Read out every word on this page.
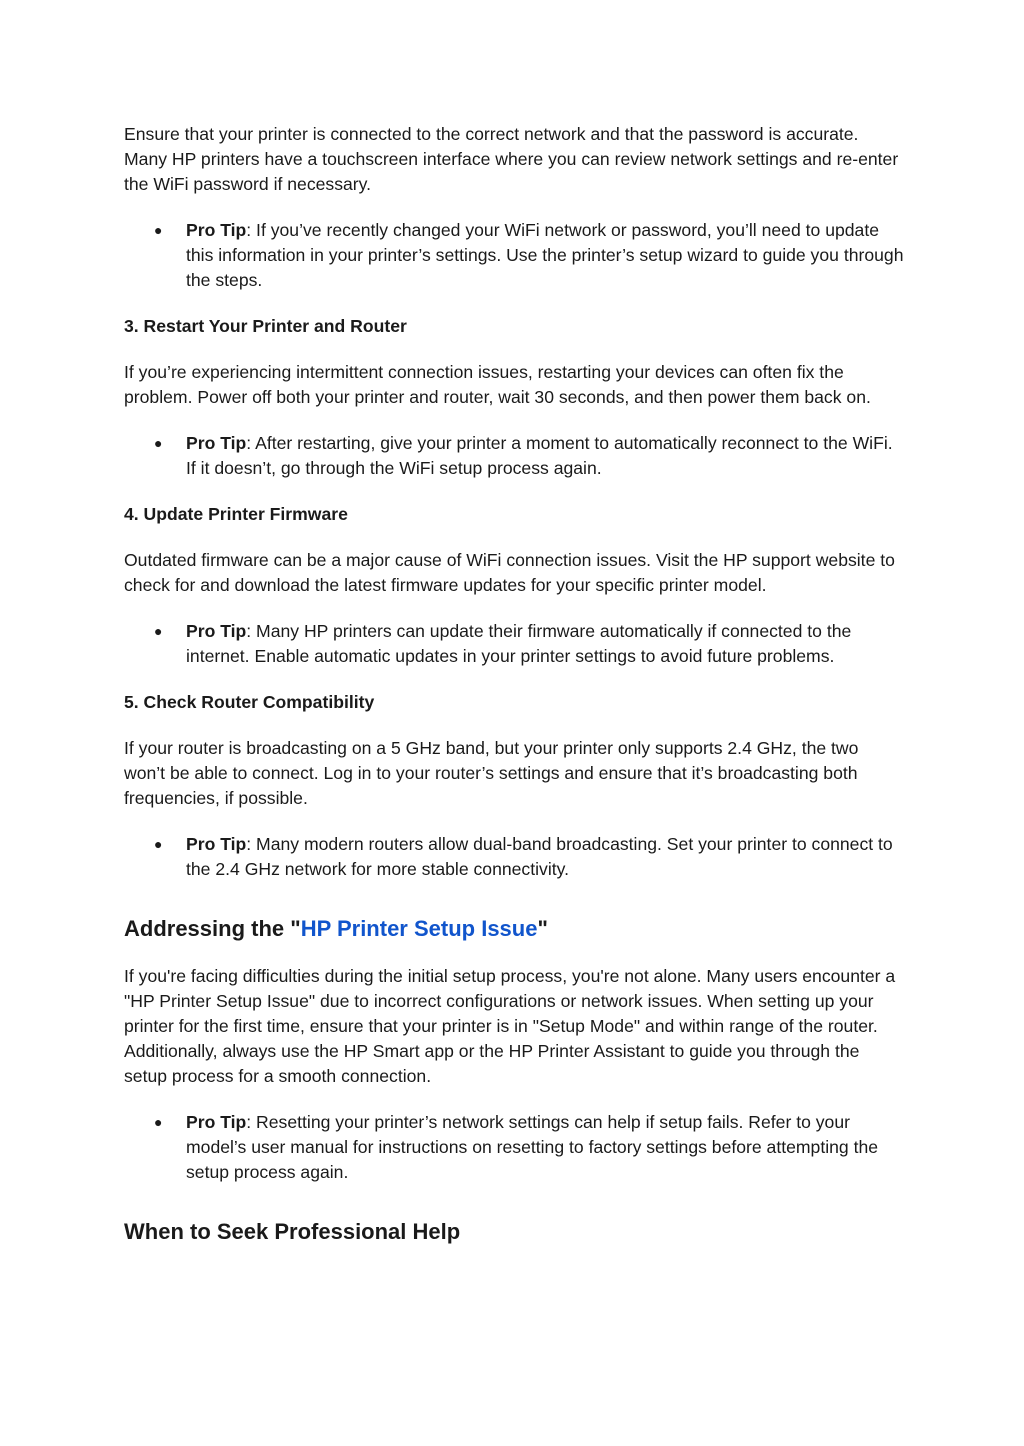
Ensure that your printer is connected to the correct network and that the password is accurate. Many HP printers have a touchscreen interface where you can review network settings and re-enter the WiFi password if necessary.

● Pro Tip: If you’ve recently changed your WiFi network or password, you’ll need to update this information in your printer’s settings. Use the printer’s setup wizard to guide you through the steps.
3. Restart Your Printer and Router

If you’re experiencing intermittent connection issues, restarting your devices can often fix the problem. Power off both your printer and router, wait 30 seconds, and then power them back on.

● Pro Tip: After restarting, give your printer a moment to automatically reconnect to the WiFi. If it doesn’t, go through the WiFi setup process again.
4. Update Printer Firmware

Outdated firmware can be a major cause of WiFi connection issues. Visit the HP support website to check for and download the latest firmware updates for your specific printer model.

● Pro Tip: Many HP printers can update their firmware automatically if connected to the internet. Enable automatic updates in your printer settings to avoid future problems.
5. Check Router Compatibility

If your router is broadcasting on a 5 GHz band, but your printer only supports 2.4 GHz, the two won’t be able to connect. Log in to your router’s settings and ensure that it’s broadcasting both frequencies, if possible.

● Pro Tip: Many modern routers allow dual-band broadcasting. Set your printer to connect to the 2.4 GHz network for more stable connectivity.
Addressing the "HP Printer Setup Issue"

If you're facing difficulties during the initial setup process, you're not alone. Many users encounter a "HP Printer Setup Issue" due to incorrect configurations or network issues. When setting up your printer for the first time, ensure that your printer is in "Setup Mode" and within range of the router. Additionally, always use the HP Smart app or the HP Printer Assistant to guide you through the setup process for a smooth connection.

● Pro Tip: Resetting your printer’s network settings can help if setup fails. Refer to your model’s user manual for instructions on resetting to factory settings before attempting the setup process again.
When to Seek Professional Help
